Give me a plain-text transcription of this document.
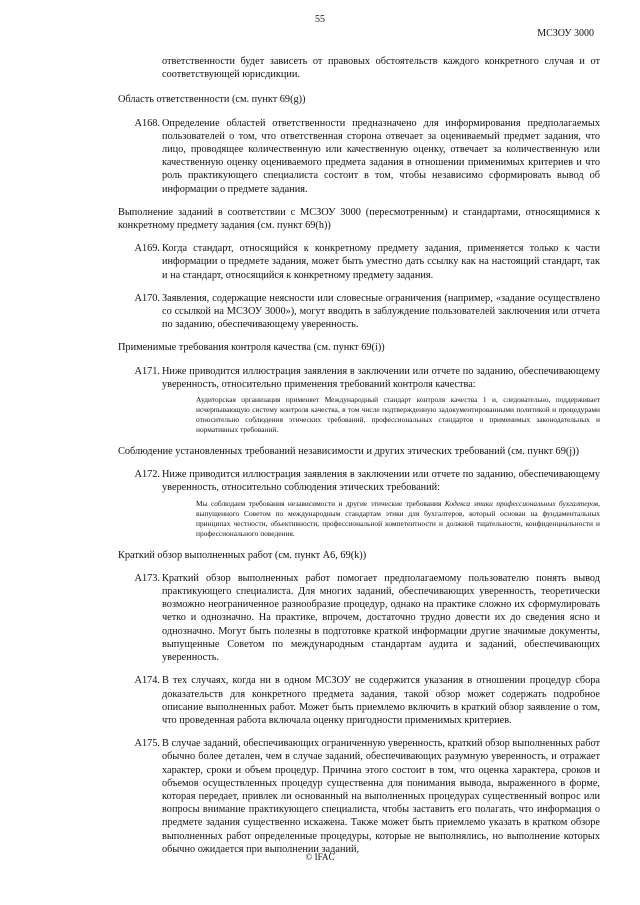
55
МСЗОУ 3000
ответственности будет зависеть от правовых обстоятельств каждого конкретного случая и от соответствующей юрисдикции.
Область ответственности (см. пункт 69(g))
A168. Определение областей ответственности предназначено для информирования предполагаемых пользователей о том, что ответственная сторона отвечает за оцениваемый предмет задания, что лицо, проводящее количественную или качественную оценку, отвечает за количественную или качественную оценку оцениваемого предмета задания в отношении применимых критериев и что роль практикующего специалиста состоит в том, чтобы независимо сформировать вывод об информации о предмете задания.
Выполнение заданий в соответствии с МСЗОУ 3000 (пересмотренным) и стандартами, относящимися к конкретному предмету задания (см. пункт 69(h))
A169. Когда стандарт, относящийся к конкретному предмету задания, применяется только к части информации о предмете задания, может быть уместно дать ссылку как на настоящий стандарт, так и на стандарт, относящийся к конкретному предмету задания.
A170. Заявления, содержащие неясности или словесные ограничения (например, «задание осуществлено со ссылкой на МСЗОУ 3000»), могут вводить в заблуждение пользователей заключения или отчета по заданию, обеспечивающему уверенность.
Применимые требования контроля качества (см. пункт 69(i))
A171. Ниже приводится иллюстрация заявления в заключении или отчете по заданию, обеспечивающему уверенность, относительно применения требований контроля качества:
Аудиторская организация применяет Международный стандарт контроля качества 1 и, следовательно, поддерживает исчерпывающую систему контроля качества, в том числе подтвержденную задокументированными политикой и процедурами относительно соблюдения этических требований, профессиональных стандартов и применимых законодательных и нормативных требований.
Соблюдение установленных требований независимости и других этических требований (см. пункт 69(j))
A172. Ниже приводится иллюстрация заявления в заключении или отчете по заданию, обеспечивающему уверенность, относительно соблюдения этических требований:
Мы соблюдаем требования независимости и другие этические требования Кодекса этики профессиональных бухгалтеров, выпущенного Советом по международным стандартам этики для бухгалтеров, который основан на фундаментальных принципах честности, объективности, профессиональной компетентности и должной тщательности, конфиденциальности и профессионального поведения.
Краткий обзор выполненных работ (см. пункт A6, 69(k))
A173. Краткий обзор выполненных работ помогает предполагаемому пользователю понять вывод практикующего специалиста. Для многих заданий, обеспечивающих уверенность, теоретически возможно неограниченное разнообразие процедур, однако на практике сложно их сформулировать четко и однозначно. На практике, впрочем, достаточно трудно довести их до сведения ясно и однозначно. Могут быть полезны в подготовке краткой информации другие значимые документы, выпущенные Советом по международным стандартам аудита и заданий, обеспечивающих уверенность.
A174. В тех случаях, когда ни в одном МСЗОУ не содержится указания в отношении процедур сбора доказательств для конкретного предмета задания, такой обзор может содержать подробное описание выполненных работ. Может быть приемлемо включить в краткий обзор заявление о том, что проведенная работа включала оценку пригодности применимых критериев.
A175. В случае заданий, обеспечивающих ограниченную уверенность, краткий обзор выполненных работ обычно более детален, чем в случае заданий, обеспечивающих разумную уверенность, и отражает характер, сроки и объем процедур. Причина этого состоит в том, что оценка характера, сроков и объемов осуществленных процедур существенна для понимания вывода, выраженного в форме, которая передает, привлек ли основанный на выполненных процедурах существенный вопрос или вопросы внимание практикующего специалиста, чтобы заставить его полагать, что информация о предмете задания существенно искажена. Также может быть приемлемо указать в кратком обзоре выполненных работ определенные процедуры, которые не выполнялись, но выполнение которых обычно ожидается при выполнении заданий,
© IFAC
